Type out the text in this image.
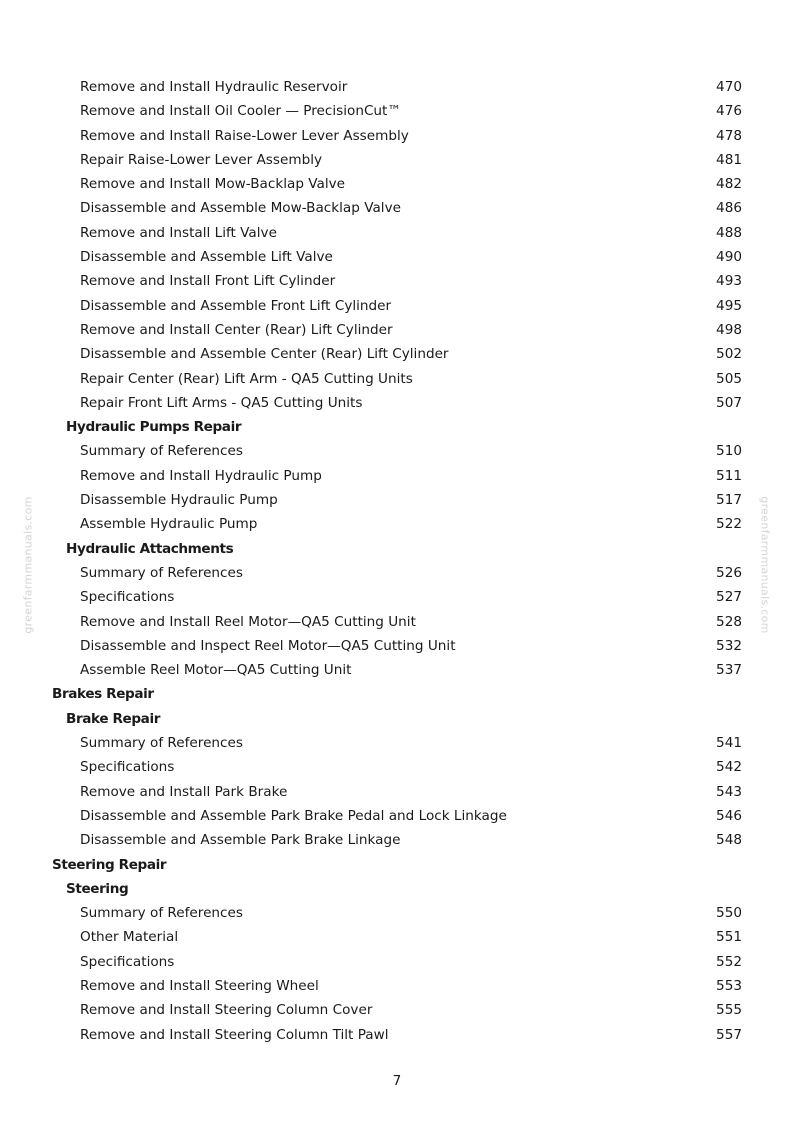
Remove and Install Hydraulic Reservoir	470
Remove and Install Oil Cooler — PrecisionCut™	476
Remove and Install Raise-Lower Lever Assembly	478
Repair Raise-Lower Lever Assembly	481
Remove and Install Mow-Backlap Valve	482
Disassemble and Assemble Mow-Backlap Valve	486
Remove and Install Lift Valve	488
Disassemble and Assemble Lift Valve	490
Remove and Install Front Lift Cylinder	493
Disassemble and Assemble Front Lift Cylinder	495
Remove and Install Center (Rear) Lift Cylinder	498
Disassemble and Assemble Center (Rear) Lift Cylinder	502
Repair Center (Rear) Lift Arm - QA5 Cutting Units	505
Repair Front Lift Arms - QA5 Cutting Units	507
Hydraulic Pumps Repair
Summary of References	510
Remove and Install Hydraulic Pump	511
Disassemble Hydraulic Pump	517
Assemble Hydraulic Pump	522
Hydraulic Attachments
Summary of References	526
Specifications	527
Remove and Install Reel Motor—QA5 Cutting Unit	528
Disassemble and Inspect Reel Motor—QA5 Cutting Unit	532
Assemble Reel Motor—QA5 Cutting Unit	537
Brakes Repair
Brake Repair
Summary of References	541
Specifications	542
Remove and Install Park Brake	543
Disassemble and Assemble Park Brake Pedal and Lock Linkage	546
Disassemble and Assemble Park Brake Linkage	548
Steering Repair
Steering
Summary of References	550
Other Material	551
Specifications	552
Remove and Install Steering Wheel	553
Remove and Install Steering Column Cover	555
Remove and Install Steering Column Tilt Pawl	557
greenfarmmanuals.com	greenfarmmanuals.com
7
